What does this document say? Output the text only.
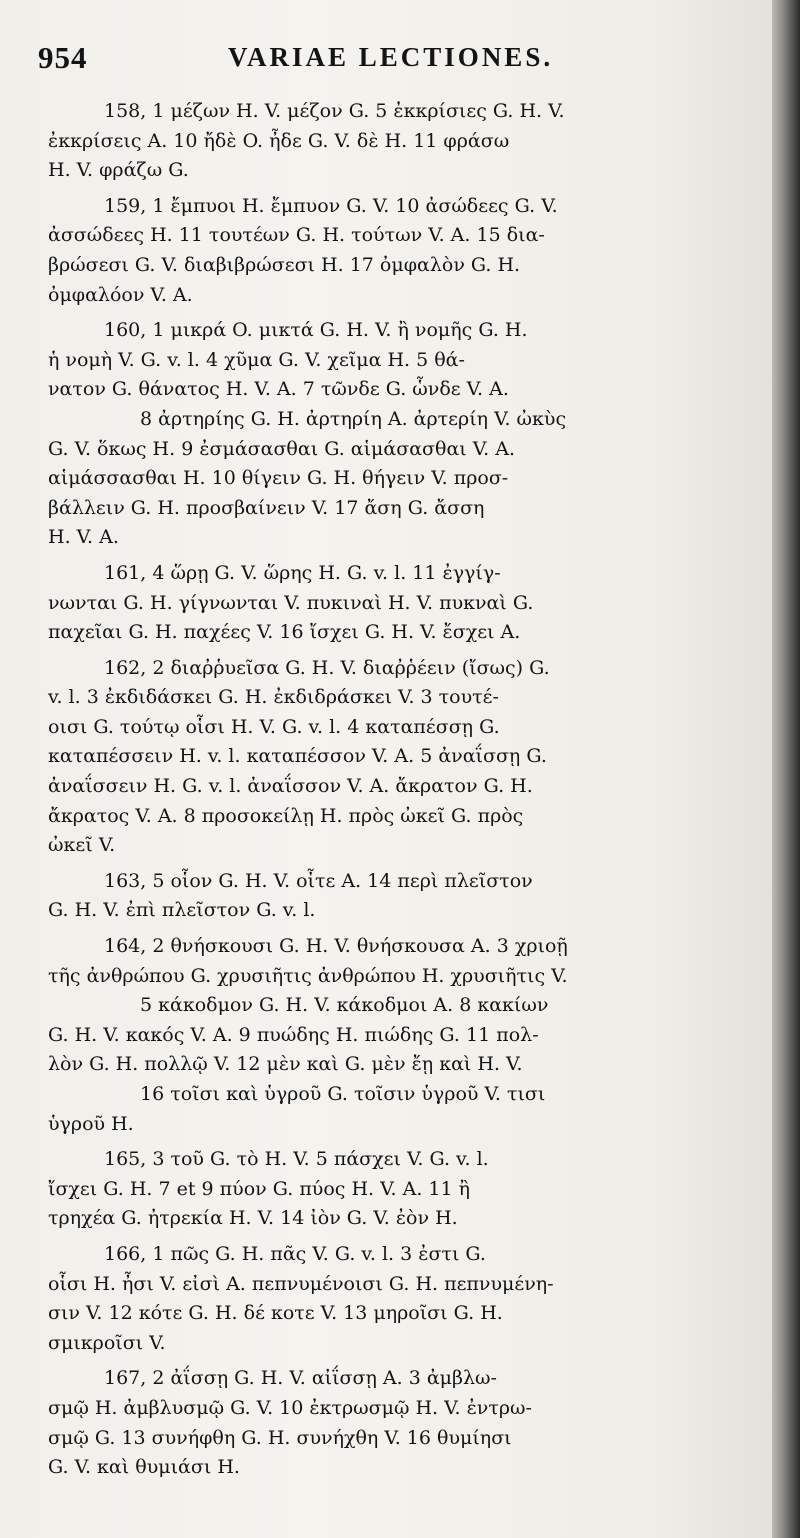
954	VARIAE LECTIONES.
158, 1 μέζων H. V. μέζον G. 5 ἐκκρίσιες G. H. V.
ἐκκρίσεις A. 10 ἤδὲ O. ἦδε G. V. δὲ H. 11 φράσω
H. V. φράζω G.
159, 1 ἔμπυοι H. ἔμπυον G. V. 10 ἀσώδεες G. V.
ἀσσώδεες H. 11 τουτέων G. H. τούτων V. A. 15 δια-
βρώσεσι G. V. διαβιβρώσεσι H. 17 ὀμφαλὸν G. H.
ὀμφαλόον V. A.
160, 1 μικρά O. μικτά G. H. V. ἢ νομῆς G. H.
ἡ νομὴ V. G. v. l. 4 χῦμα G. V. χεῖμα H. 5 θά-
νατον G. θάνατος H. V. A. 7 τῶνδε G. ὧνδε V. A.
8 ἀρτηρίης G. H. ἀρτηρίη A. ἀρτερίη V. ὠκὺς
G. V. ὅκως H. 9 ἐσμάσασθαι G. αἱμάσασθαι V. A.
αἱμάσσασθαι H. 10 θίγειν G. H. θήγειν V. προσ-
βάλλειν G. H. προσβαίνειν V. 17 ἄση G. ἄσση
H. V. A.
161, 4 ὥρῃ G. V. ὥρης H. G. v. l. 11 ἐγγίγ-
νωνται G. H. γίγνωνται V. πυκιναὶ H. V. πυκναὶ G.
παχεῖαι G. H. παχέες V. 16 ἴσχει G. H. V. ἔσχει A.
162, 2 διαῤῥυεῖσα G. H. V. διαῤῥέειν (ἴσως) G.
v. l. 3 ἐκδιδάσκει G. H. ἐκδιδράσκει V. 3 τουτέ-
οισι G. τούτῳ οἷσι H. V. G. v. l. 4 καταπέσσῃ G.
καταπέσσειν H. v. l. καταπέσσον V. A. 5 ἀναΐσσῃ G.
ἀναΐσσειν H. G. v. l. ἀναΐσσον V. A. ἄκρατον G. H.
ἄκρατος V. A. 8 προσοκείλῃ H. πρὸς ὠκεῖ G. πρὸς
ὠκεῖ V.
163, 5 οἷον G. H. V. οἶτε A. 14 περὶ πλεῖστον
G. H. V. ἐπὶ πλεῖστον G. v. l.
164, 2 θνήσκουσι G. H. V. θνήσκουσα A. 3 χριοῇ
τῆς ἀνθρώπου G. χρυσιῆτις ἀνθρώπου H. χρυσιῆτις V.
5 κάκοδμον G. H. V. κάκοδμοι A. 8 κακίων
G. H. V. κακός V. A. 9 πυώδης H. πιώδης G. 11 πολ-
λὸν G. H. πολλῷ V. 12 μὲν καὶ G. μὲν ἔῃ καὶ H. V.
16 τοῖσι καὶ ὑγροῦ G. τοῖσιν ὑγροῦ V. τισι
ὑγροῦ H.
165, 3 τοῦ G. τὸ H. V. 5 πάσχει V. G. v. l.
ἴσχει G. H. 7 et 9 πύον G. πύος H. V. A. 11 ἢ
τρηχέα G. ἠτρεκία H. V. 14 ἰὸν G. V. ἐὸν H.
166, 1 πῶς G. H. πᾶς V. G. v. l. 3 ἐστι G.
οἷσι H. ἦσι V. εἰσὶ A. πεπνυμένοισι G. H. πεπνυμένη-
σιν V. 12 κότε G. H. δέ κοτε V. 13 μηροῖσι G. H.
σμικροῖσι V.
167, 2 ἀΐσσῃ G. H. V. αἰΐσσῃ A. 3 ἀμβλω-
σμῷ H. ἀμβλυσμῷ G. V. 10 ἐκτρωσμῷ H. V. ἐντρω-
σμῷ G. 13 συνήφθη G. H. συνήχθη V. 16 θυμίησι
G. V. καὶ θυμιάσι H.
